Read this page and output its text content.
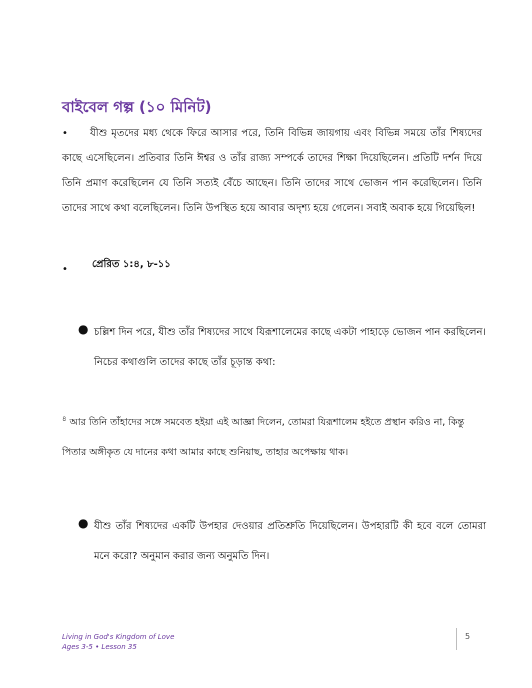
বাইবেল গল্প (১০ মিনিট)
•	যীশু মৃতদের মধ্য থেকে ফিরে আসার পরে, তিনি বিভিন্ন জায়গায় এবং বিভিন্ন সময়ে তাঁর শিষ্যদের কাছে এসেছিলেন। প্রতিবার তিনি ঈশ্বর ও তাঁর রাজ্য সম্পর্কে তাদের শিক্ষা দিয়েছিলেন। প্রতিটি দর্শন দিয়ে তিনি প্রমাণ করেছিলেন যে তিনি সত্যই বেঁচে আছেন। তিনি তাদের সাথে ভোজন পান করেছিলেন। তিনি তাদের সাথে কথা বলেছিলেন। তিনি উপস্থিত হয়ে আবার অদৃশ্য হয়ে গেলেন। সবাই অবাক হয়ে গিয়েছিল!

• প্রেরিত ১:৪, ৮-১১

● চল্লিশ দিন পরে, যীশু তাঁর শিষ্যদের সাথে যিরূশালেমের কাছে একটা পাহাড়ে ভোজন পান করছিলেন। নিচের কথাগুলি তাদের কাছে তাঁর চূড়ান্ত কথা:

$^৪$ আর তিনি তাঁহাদের সঙ্গে সমবেত হইয়া এই আজ্ঞা দিলেন, তোমরা যিরূশালেম হইতে প্রস্থান করিও না, কিন্তু পিতার অঙ্গীকৃত যে দানের কথা আমার কাছে শুনিয়াছ, তাহার অপেক্ষায় থাক।

● যীশু তাঁর শিষ্যদের একটি উপহার দেওয়ার প্রতিশ্রুতি দিয়েছিলেন। উপহারটি কী হবে বলে তোমরা মনে করো? অনুমান করার জন্য অনুমতি দিন।

Living in God's Kingdom of Love
Ages 3-5 • Lesson 35
5
